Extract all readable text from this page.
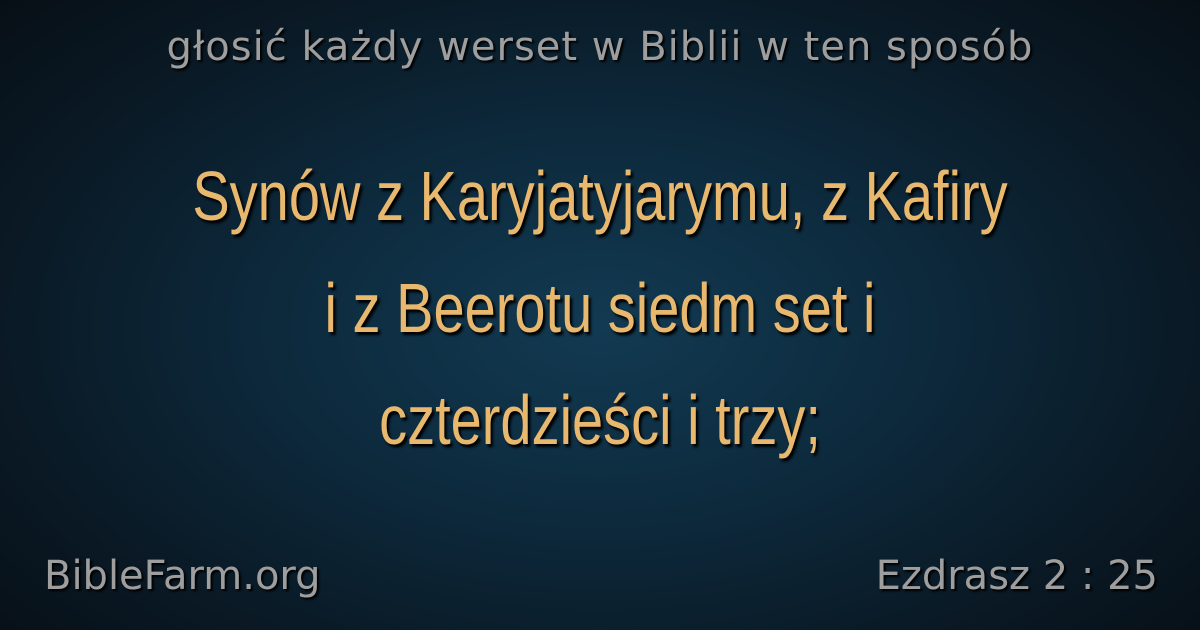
głosić każdy werset w Biblii w ten sposób
Synów z Karyjatyjarymu, z Kafiry
i z Beerotu siedm set i
czterdzieści i trzy;
BibleFarm.org	Ezdrasz 2 : 25
